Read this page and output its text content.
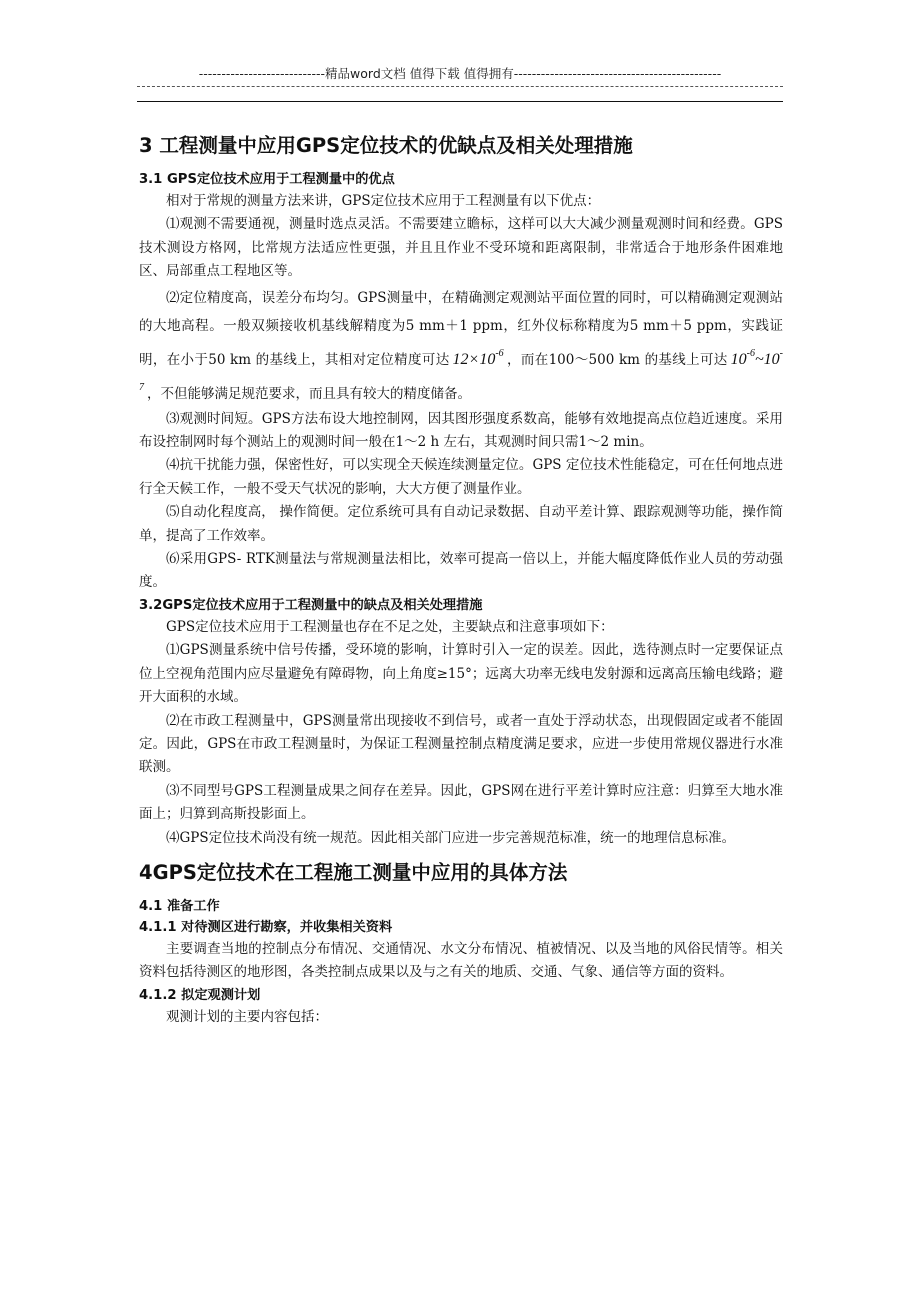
----------------------------精品word文档 值得下载 值得拥有----------------------------------------------
3 工程测量中应用GPS定位技术的优缺点及相关处理措施
3.1 GPS定位技术应用于工程测量中的优点

相对于常规的测量方法来讲，GPS定位技术应用于工程测量有以下优点：

⑴观测不需要通视，测量时选点灵活。不需要建立瞻标，这样可以大大减少测量观测时间和经费。GPS技术测设方格网，比常规方法适应性更强，并且且作业不受环境和距离限制，非常适合于地形条件困难地区、局部重点工程地区等。

⑵定位精度高，误差分布均匀。GPS测量中，在精确测定观测站平面位置的同时，可以精确测定观测站的大地高程。一般双频接收机基线解精度为5 mm＋1 ppm，红外仪标称精度为5 mm＋5 ppm，实践证明，在小于50 km 的基线上，其相对定位精度可达 $12\times 10^{-6}$ ，而在100～500 km 的基线上可达 $10^{-6}\sim 10^{-7}$ ，不但能够满足规范要求，而且具有较大的精度储备。

⑶观测时间短。GPS方法布设大地控制网，因其图形强度系数高，能够有效地提高点位趋近速度。采用布设控制网时每个测站上的观测时间一般在1～2 h 左右，其观测时间只需1～2 min。

⑷抗干扰能力强，保密性好，可以实现全天候连续测量定位。GPS 定位技术性能稳定，可在任何地点进行全天候工作，一般不受天气状况的影响，大大方便了测量作业。

⑸自动化程度高， 操作简便。定位系统可具有自动记录数据、自动平差计算、跟踪观测等功能，操作简单，提高了工作效率。

⑹采用GPS- RTK测量法与常规测量法相比，效率可提高一倍以上，并能大幅度降低作业人员的劳动强度。

3.2GPS定位技术应用于工程测量中的缺点及相关处理措施

GPS定位技术应用于工程测量也存在不足之处，主要缺点和注意事项如下：

⑴GPS测量系统中信号传播，受环境的影响，计算时引入一定的误差。因此，选待测点时一定要保证点位上空视角范围内应尽量避免有障碍物，向上角度≥15°；远离大功率无线电发射源和远离高压输电线路；避开大面积的水域。

⑵在市政工程测量中，GPS测量常出现接收不到信号，或者一直处于浮动状态，出现假固定或者不能固定。因此，GPS在市政工程测量时，为保证工程测量控制点精度满足要求，应进一步使用常规仪器进行水准联测。

⑶不同型号GPS工程测量成果之间存在差异。因此，GPS网在进行平差计算时应注意：归算至大地水准面上；归算到高斯投影面上。

⑷GPS定位技术尚没有统一规范。因此相关部门应进一步完善规范标准，统一的地理信息标准。

4GPS定位技术在工程施工测量中应用的具体方法
4.1 准备工作
4.1.1 对待测区进行勘察，并收集相关资料

主要调查当地的控制点分布情况、交通情况、水文分布情况、植被情况、以及当地的风俗民情等。相关资料包括待测区的地形图，各类控制点成果以及与之有关的地质、交通、气象、通信等方面的资料。

4.1.2 拟定观测计划

观测计划的主要内容包括：
